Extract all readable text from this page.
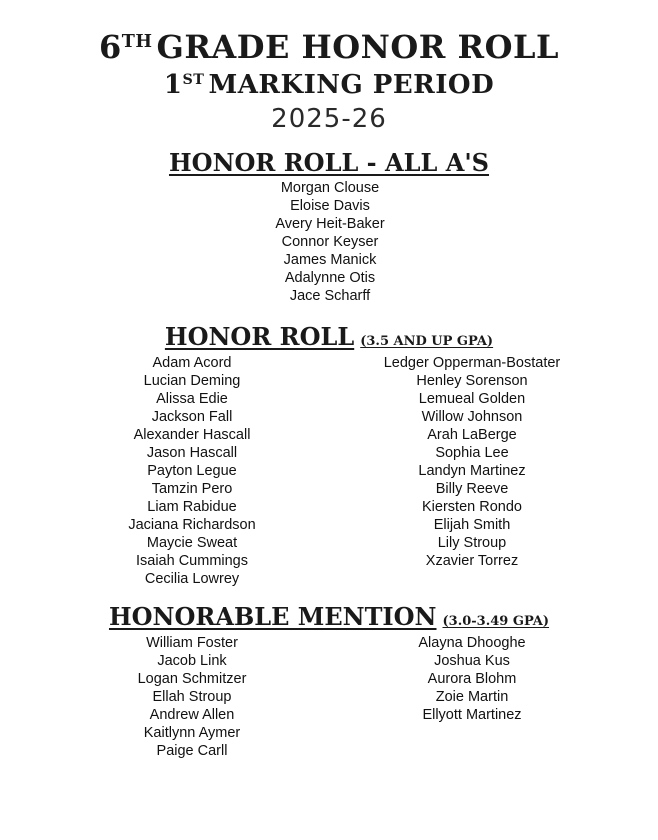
6TH GRADE HONOR ROLL
1ST MARKING PERIOD
2025-26
HONOR ROLL - ALL A'S
Morgan Clouse
Eloise Davis
Avery Heit-Baker
Connor Keyser
James Manick
Adalynne Otis
Jace Scharff
HONOR ROLL (3.5 AND UP GPA)
Adam Acord
Lucian Deming
Alissa Edie
Jackson Fall
Alexander Hascall
Jason Hascall
Payton Legue
Tamzin Pero
Liam Rabidue
Jaciana Richardson
Maycie Sweat
Isaiah Cummings
Cecilia Lowrey
Ledger Opperman-Bostater
Henley Sorenson
Lemueal Golden
Willow Johnson
Arah LaBerge
Sophia Lee
Landyn Martinez
Billy Reeve
Kiersten Rondo
Elijah Smith
Lily Stroup
Xzavier Torrez
HONORABLE MENTION (3.0-3.49 GPA)
William Foster
Jacob Link
Logan Schmitzer
Ellah Stroup
Andrew Allen
Kaitlynn Aymer
Paige Carll
Alayna Dhooghe
Joshua Kus
Aurora Blohm
Zoie Martin
Ellyott Martinez
